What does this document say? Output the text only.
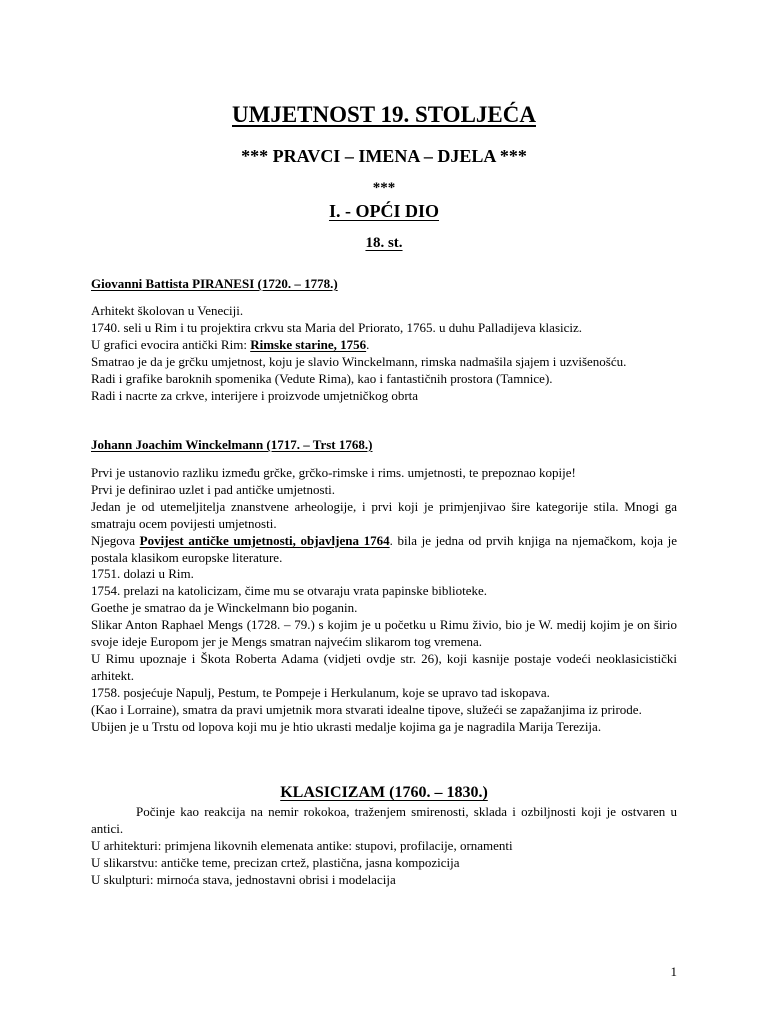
UMJETNOST 19. STOLJEĆA
*** PRAVCI – IMENA – DJELA ***
***
I. - OPĆI DIO
18. st.
Giovanni Battista PIRANESI (1720. – 1778.)

Arhitekt školovan u Veneciji.

1740. seli u Rim i tu projektira crkvu sta Maria del Priorato, 1765. u duhu Palladijeva klasiciz.

U grafici evocira antički Rim: Rimske starine, 1756.

Smatrao je da je grčku umjetnost, koju je slavio Winckelmann, rimska nadmašila sjajem i uzvišenošću.

Radi i grafike baroknih spomenika (Vedute Rima), kao i fantastičnih prostora (Tamnice).

Radi i nacrte za crkve, interijere i proizvode umjetničkog obrta

Johann Joachim Winckelmann (1717. – Trst 1768.)

Prvi je ustanovio razliku između grčke, grčko-rimske i rims. umjetnosti, te prepoznao kopije!

Prvi je definirao uzlet i pad antičke umjetnosti.

Jedan je od utemeljitelja znanstvene arheologije, i prvi koji je primjenjivao šire kategorije stila. Mnogi ga smatraju ocem povijesti umjetnosti.

Njegova Povijest antičke umjetnosti, objavljena 1764. bila je jedna od prvih knjiga na njemačkom, koja je postala klasikom europske literature.

1751. dolazi u Rim.

1754. prelazi na katolicizam, čime mu se otvaraju vrata papinske biblioteke.

Goethe je smatrao da je Winckelmann bio poganin.

Slikar Anton Raphael Mengs (1728. – 79.) s kojim je u početku u Rimu živio, bio je W. medij kojim je on širio svoje ideje Europom jer je Mengs smatran najvećim slikarom tog vremena.

U Rimu upoznaje i Škota Roberta Adama (vidjeti ovdje str. 26), koji kasnije postaje vodeći neoklasicistički arhitekt.

1758. posjećuje Napulj, Pestum, te Pompeje i Herkulanum, koje se upravo tad iskopava.

(Kao i Lorraine), smatra da pravi umjetnik mora stvarati idealne tipove, služeći se zapažanjima iz prirode.

Ubijen je u Trstu od lopova koji mu je htio ukrasti medalje kojima ga je nagradila Marija Terezija.

KLASICIZAM (1760. – 1830.)

Počinje kao reakcija na nemir rokokoa, traženjem smirenosti, sklada i ozbiljnosti koji je ostvaren u antici.

U arhitekturi: primjena likovnih elemenata antike: stupovi, profilacije, ornamenti

U slikarstvu: antičke teme, precizan crtež, plastična, jasna kompozicija

U skulpturi: mirnoća stava, jednostavni obrisi i modelacija

1
